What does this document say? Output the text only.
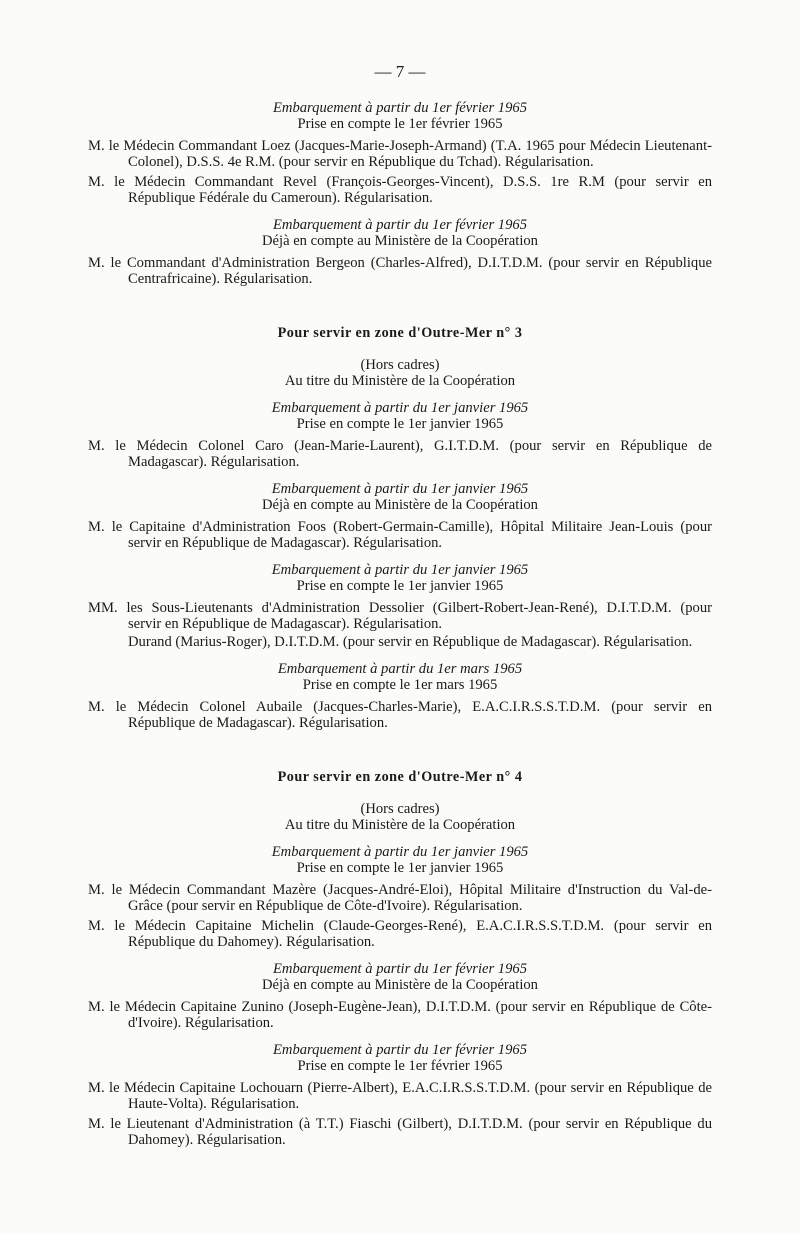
— 7 —
Embarquement à partir du 1er février 1965
Prise en compte le 1er février 1965
M. le Médecin Commandant Loez (Jacques-Marie-Joseph-Armand) (T.A. 1965 pour Médecin Lieutenant-Colonel), D.S.S. 4e R.M. (pour servir en République du Tchad). Régularisation.
M. le Médecin Commandant Revel (François-Georges-Vincent), D.S.S. 1re R.M (pour servir en République Fédérale du Cameroun). Régularisation.
Embarquement à partir du 1er février 1965
Déjà en compte au Ministère de la Coopération
M. le Commandant d'Administration Bergeon (Charles-Alfred), D.I.T.D.M. (pour servir en République Centrafricaine). Régularisation.
Pour servir en zone d'Outre-Mer n° 3
(Hors cadres)
Au titre du Ministère de la Coopération
Embarquement à partir du 1er janvier 1965
Prise en compte le 1er janvier 1965
M. le Médecin Colonel Caro (Jean-Marie-Laurent), G.I.T.D.M. (pour servir en République de Madagascar). Régularisation.
Embarquement à partir du 1er janvier 1965
Déjà en compte au Ministère de la Coopération
M. le Capitaine d'Administration Foos (Robert-Germain-Camille), Hôpital Militaire Jean-Louis (pour servir en République de Madagascar). Régularisation.
Embarquement à partir du 1er janvier 1965
Prise en compte le 1er janvier 1965
MM. les Sous-Lieutenants d'Administration Dessolier (Gilbert-Robert-Jean-René), D.I.T.D.M. (pour servir en République de Madagascar). Régularisation.
Durand (Marius-Roger), D.I.T.D.M. (pour servir en République de Madagascar). Régularisation.
Embarquement à partir du 1er mars 1965
Prise en compte le 1er mars 1965
M. le Médecin Colonel Aubaile (Jacques-Charles-Marie), E.A.C.I.R.S.S.T.D.M. (pour servir en République de Madagascar). Régularisation.
Pour servir en zone d'Outre-Mer n° 4
(Hors cadres)
Au titre du Ministère de la Coopération
Embarquement à partir du 1er janvier 1965
Prise en compte le 1er janvier 1965
M. le Médecin Commandant Mazère (Jacques-André-Eloi), Hôpital Militaire d'Instruction du Val-de-Grâce (pour servir en République de Côte-d'Ivoire). Régularisation.
M. le Médecin Capitaine Michelin (Claude-Georges-René), E.A.C.I.R.S.S.T.D.M. (pour servir en République du Dahomey). Régularisation.
Embarquement à partir du 1er février 1965
Déjà en compte au Ministère de la Coopération
M. le Médecin Capitaine Zunino (Joseph-Eugène-Jean), D.I.T.D.M. (pour servir en République de Côte-d'Ivoire). Régularisation.
Embarquement à partir du 1er février 1965
Prise en compte le 1er février 1965
M. le Médecin Capitaine Lochouarn (Pierre-Albert), E.A.C.I.R.S.S.T.D.M. (pour servir en République de Haute-Volta). Régularisation.
M. le Lieutenant d'Administration (à T.T.) Fiaschi (Gilbert), D.I.T.D.M. (pour servir en République du Dahomey). Régularisation.
